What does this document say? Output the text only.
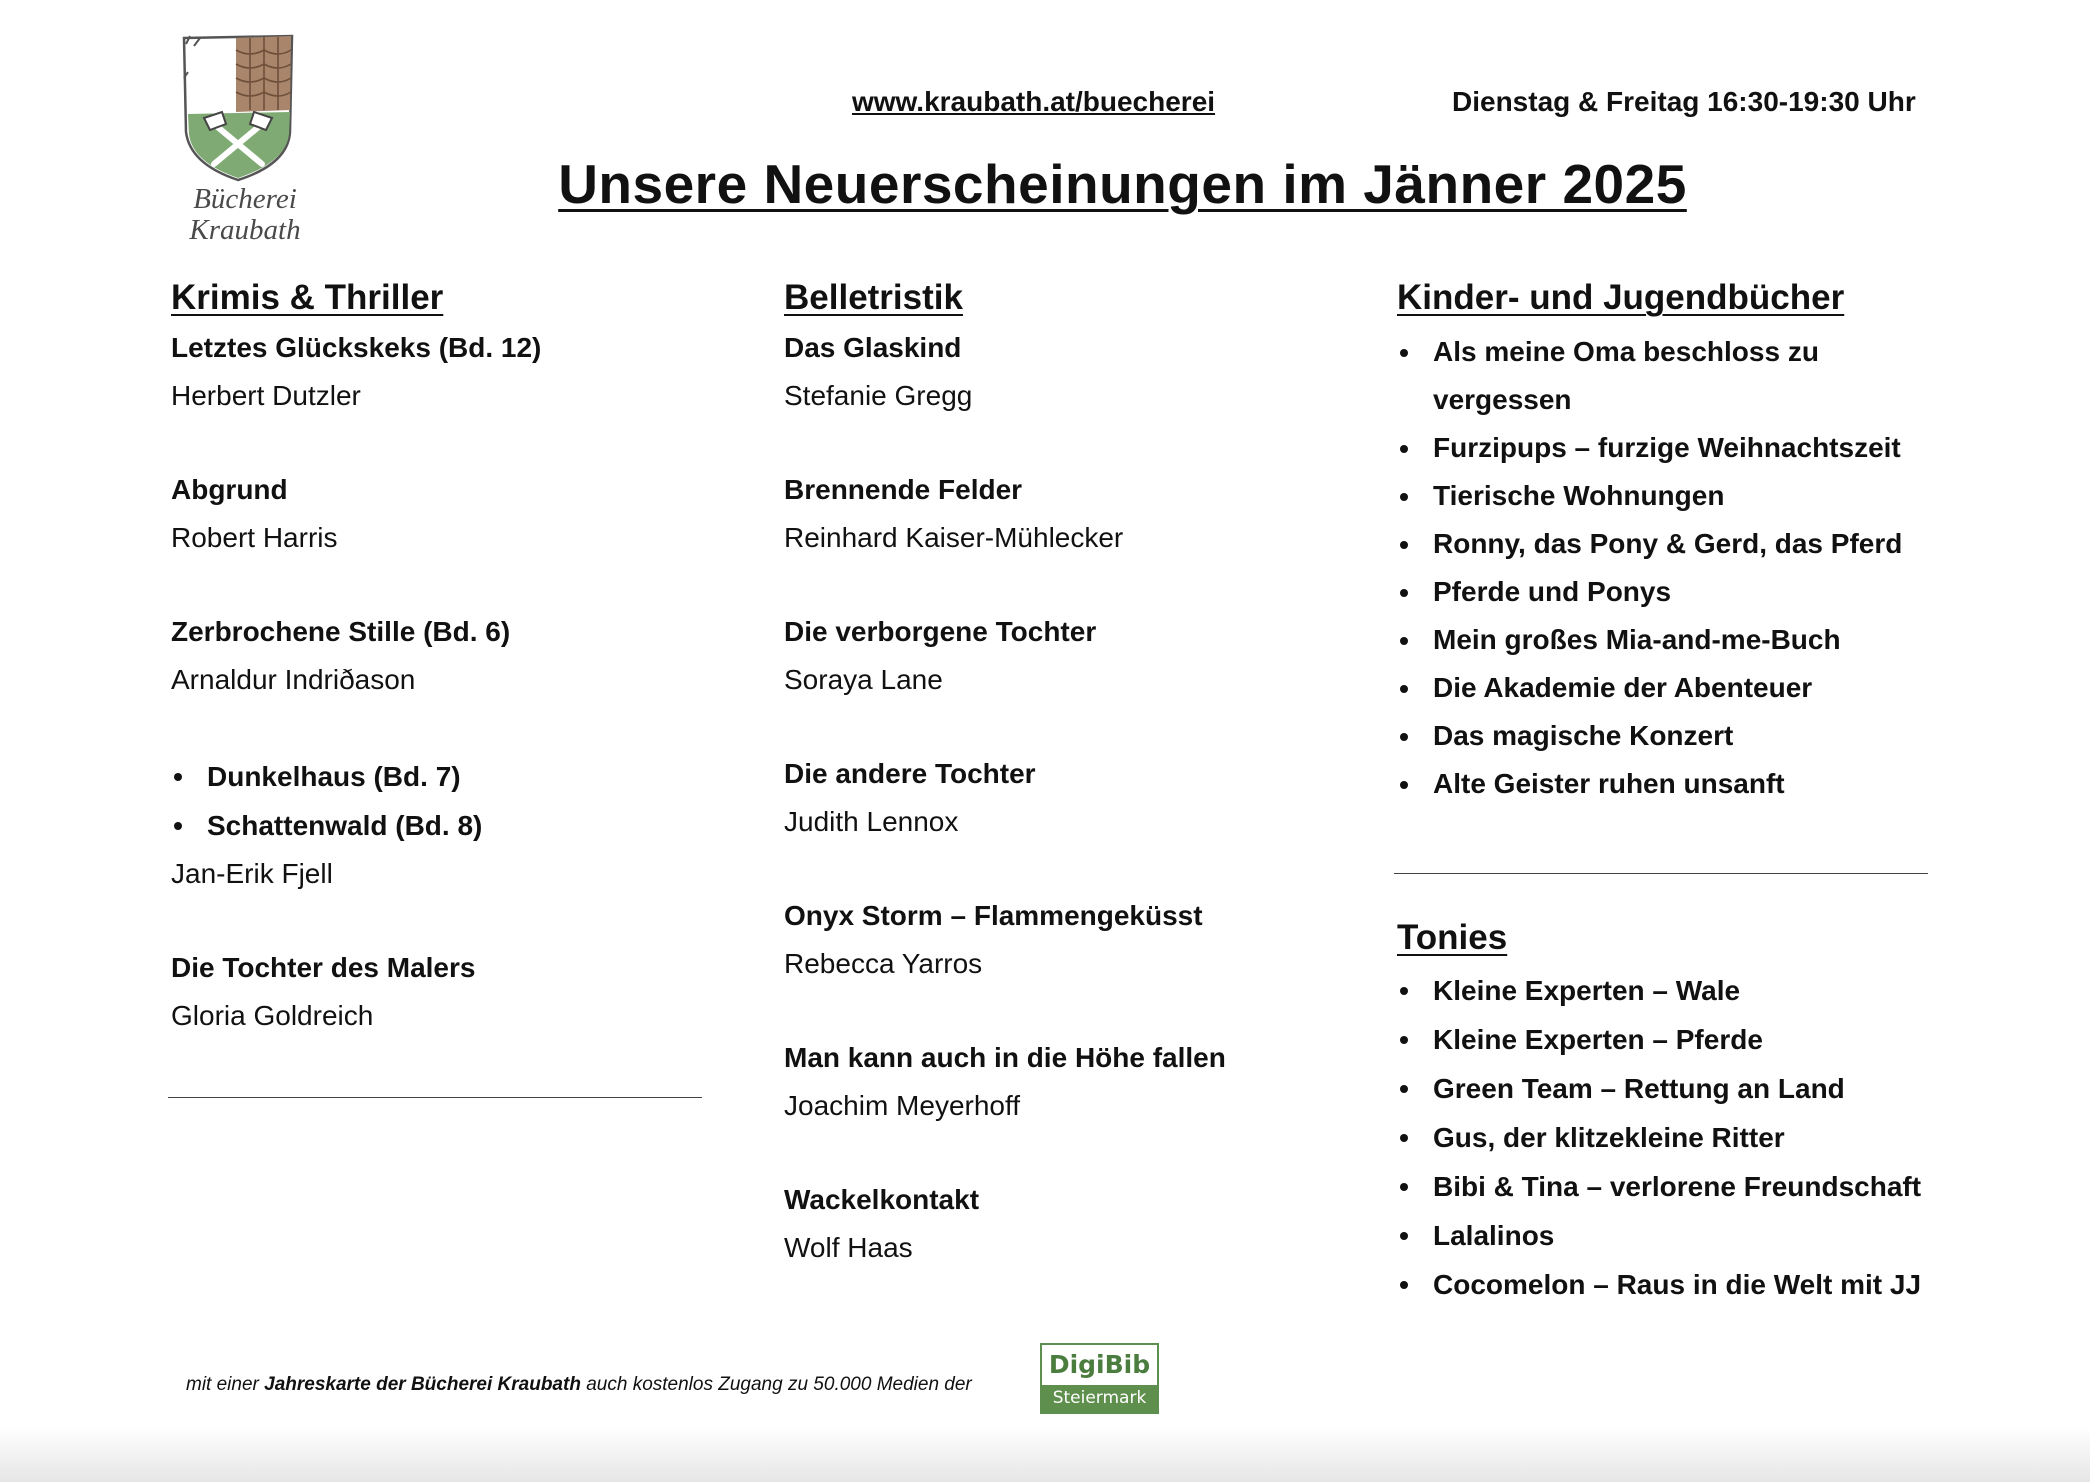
Bücherei
Kraubath
www.kraubath.at/buecherei	Dienstag & Freitag 16:30-19:30 Uhr
Unsere Neuerscheinungen im Jänner 2025
Krimis & Thriller
Letztes Glückskeks (Bd. 12)
Herbert Dutzler
Abgrund
Robert Harris
Zerbrochene Stille (Bd. 6)
Arnaldur Indriðason
Dunkelhaus (Bd. 7)
Schattenwald (Bd. 8)
Jan-Erik Fjell
Die Tochter des Malers
Gloria Goldreich
Belletristik
Das Glaskind
Stefanie Gregg
Brennende Felder
Reinhard Kaiser-Mühlecker
Die verborgene Tochter
Soraya Lane
Die andere Tochter
Judith Lennox
Onyx Storm – Flammengeküsst
Rebecca Yarros
Man kann auch in die Höhe fallen
Joachim Meyerhoff
Wackelkontakt
Wolf Haas
Kinder- und Jugendbücher
Als meine Oma beschloss zu
vergessen
Furzipups – furzige Weihnachtszeit
Tierische Wohnungen
Ronny, das Pony & Gerd, das Pferd
Pferde und Ponys
Mein großes Mia-and-me-Buch
Die Akademie der Abenteuer
Das magische Konzert
Alte Geister ruhen unsanft
Tonies
Kleine Experten – Wale
Kleine Experten – Pferde
Green Team – Rettung an Land
Gus, der klitzekleine Ritter
Bibi & Tina – verlorene Freundschaft
Lalalinos
Cocomelon – Raus in die Welt mit JJ
mit einer Jahreskarte der Bücherei Kraubath auch kostenlos Zugang zu 50.000 Medien der
DigiBib
Steiermark
